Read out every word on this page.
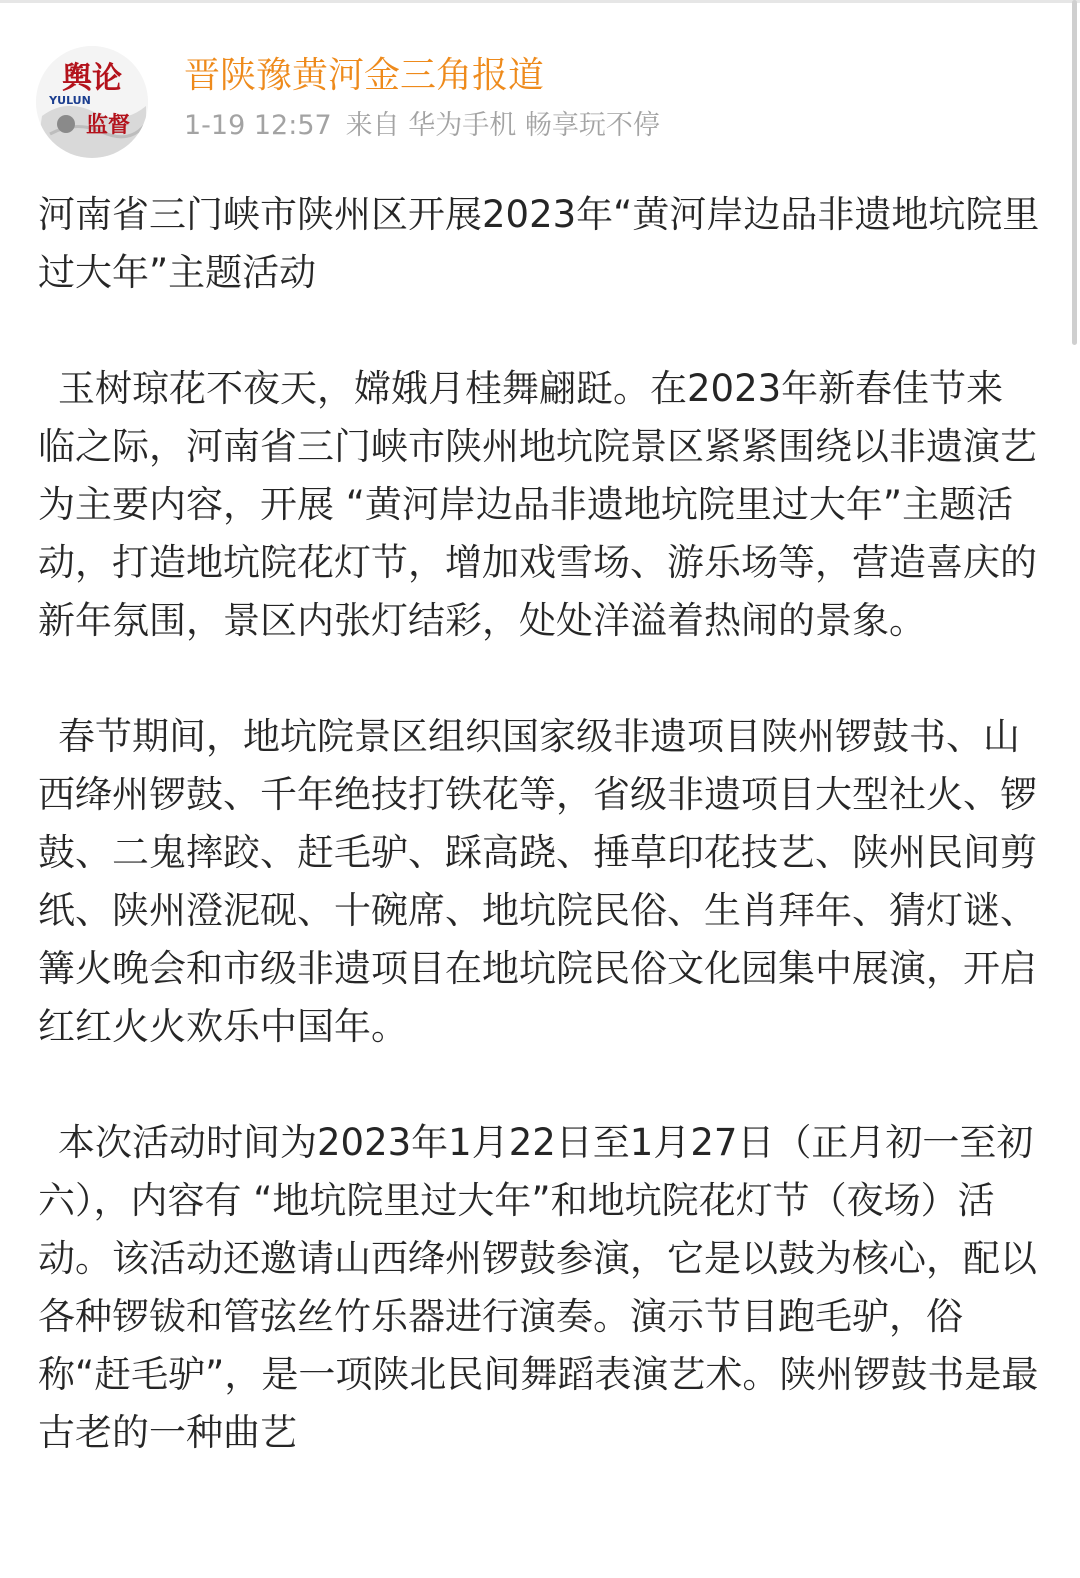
舆论
YULUN
监督
晋陕豫黄河金三角报道
1-19 12:57 来自 华为手机 畅享玩不停

河南省三门峡市陕州区开展2023年“黄河岸边品非遗地坑院里过大年”主题活动

玉树琼花不夜天，嫦娥月桂舞翩跹。在2023年新春佳节来临之际，河南省三门峡市陕州地坑院景区紧紧围绕以非遗演艺为主要内容，开展 “黄河岸边品非遗地坑院里过大年”主题活动，打造地坑院花灯节，增加戏雪场、游乐场等，营造喜庆的新年氛围，景区内张灯结彩，处处洋溢着热闹的景象。

春节期间，地坑院景区组织国家级非遗项目陕州锣鼓书、山西绛州锣鼓、千年绝技打铁花等，省级非遗项目大型社火、锣鼓、二鬼摔跤、赶毛驴、踩高跷、捶草印花技艺、陕州民间剪纸、陕州澄泥砚、十碗席、地坑院民俗、生肖拜年、猜灯谜、篝火晚会和市级非遗项目在地坑院民俗文化园集中展演，开启红红火火欢乐中国年。

本次活动时间为2023年1月22日至1月27日（正月初一至初六），内容有 “地坑院里过大年”和地坑院花灯节（夜场）活动。该活动还邀请山西绛州锣鼓参演，它是以鼓为核心，配以各种锣钹和管弦丝竹乐器进行演奏。演示节目跑毛驴，俗称“赶毛驴”，是一项陕北民间舞蹈表演艺术。陕州锣鼓书是最古老的一种曲艺
